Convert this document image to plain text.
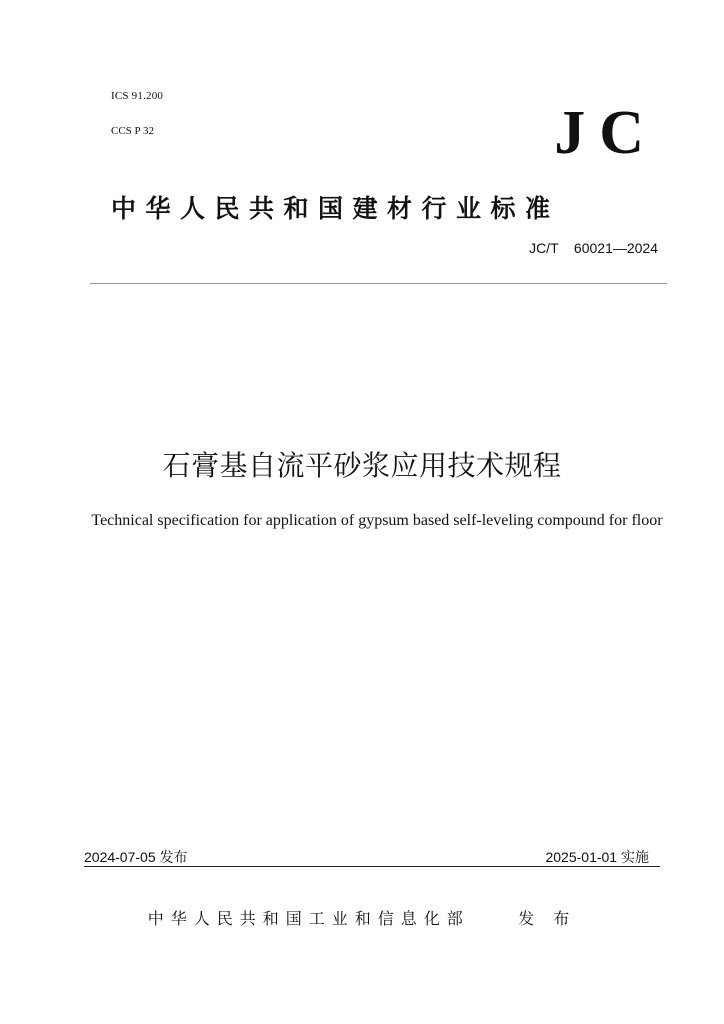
ICS 91.200
CCS P 32	JC
中华人民共和国建材行业标准
JC/T    60021—2024
石膏基自流平砂浆应用技术规程
Technical specification for application of gypsum based self-leveling compound for floor
2024-07-05 发布	2025-01-01 实施
中华人民共和国工业和信息化部    发 布
